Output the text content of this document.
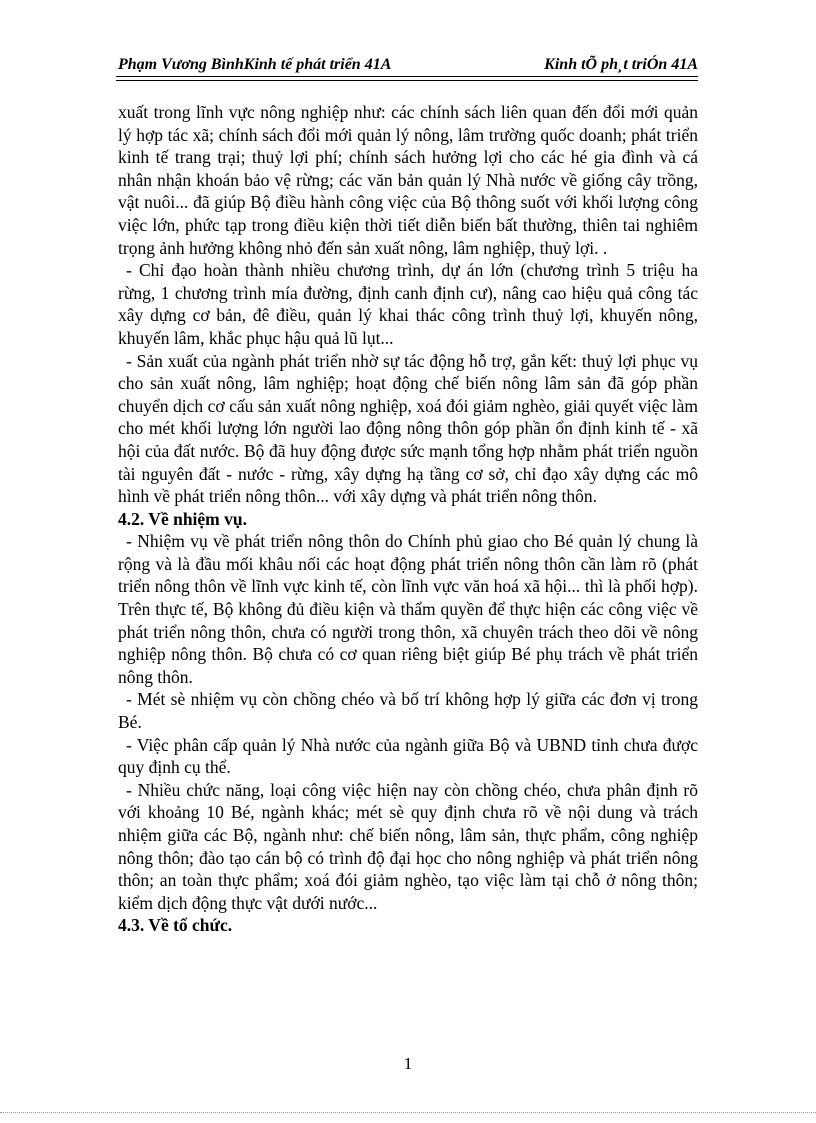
Phạm Vương BìnhKinh tế phát triển 41A	Kinh tÕ ph¸t triÓn 41A

xuất trong lĩnh vực nông nghiệp như: các chính sách liên quan đến đổi mới quản lý hợp tác xã; chính sách đổi mới quản lý nông, lâm trường quốc doanh; phát triển kinh tế trang trại; thuỷ lợi phí; chính sách hưởng lợi cho các hé gia đình và cá nhân nhận khoán bảo vệ rừng; các văn bản quản lý Nhà nước về giống cây trồng, vật nuôi... đã giúp Bộ điều hành công việc của Bộ thông suốt với khối lượng công việc lớn, phức tạp trong điều kiện thời tiết diễn biến bất thường, thiên tai nghiêm trọng ảnh hưởng không nhỏ đến sản xuất nông, lâm nghiệp, thuỷ lợi. .

- Chỉ đạo hoàn thành nhiều chương trình, dự án lớn (chương trình 5 triệu ha rừng, 1 chương trình mía đường, định canh định cư), nâng cao hiệu quả công tác xây dựng cơ bản, đê điều, quản lý khai thác công trình thuỷ lợi, khuyến nông, khuyến lâm, khắc phục hậu quả lũ lụt...

- Sản xuất của ngành phát triển nhờ sự tác động hỗ trợ, gắn kết: thuỷ lợi phục vụ cho sản xuất nông, lâm nghiệp; hoạt động chế biến nông lâm sản đã góp phần chuyển dịch cơ cấu sản xuất nông nghiệp, xoá đói giảm nghèo, giải quyết việc làm cho mét khối lượng lớn người lao động nông thôn góp phần ổn định kinh tế - xã hội của đất nước. Bộ đã huy động được sức mạnh tổng hợp nhằm phát triển nguồn tài nguyên đất - nước - rừng, xây dựng hạ tầng cơ sở, chỉ đạo xây dựng các mô hình về phát triển nông thôn... với xây dựng và phát triển nông thôn.

4.2. Về nhiệm vụ.

- Nhiệm vụ về phát triển nông thôn do Chính phủ giao cho Bé quản lý chung là rộng và là đầu mối khâu nối các hoạt động phát triển nông thôn cần làm rõ (phát triển nông thôn về lĩnh vực kinh tế, còn lĩnh vực văn hoá xã hội... thì là phối hợp). Trên thực tế, Bộ không đủ điều kiện và thẩm quyền để thực hiện các công việc về phát triển nông thôn, chưa có người trong thôn, xã chuyên trách theo dõi về nông nghiệp nông thôn. Bộ chưa có cơ quan riêng biệt giúp Bé phụ trách về phát triển nông thôn.

- Mét sè nhiệm vụ còn chồng chéo và bố trí không hợp lý giữa các đơn vị trong Bé.

- Việc phân cấp quản lý Nhà nước của ngành giữa Bộ và UBND tỉnh chưa được quy định cụ thể.

- Nhiều chức năng, loại công việc hiện nay còn chồng chéo, chưa phân định rõ với khoảng 10 Bé, ngành khác; mét sè quy định chưa rõ về nội dung và trách nhiệm giữa các Bộ, ngành như: chế biến nông, lâm sản, thực phẩm, công nghiệp nông thôn; đào tạo cán bộ có trình độ đại học cho nông nghiệp và phát triển nông thôn; an toàn thực phẩm; xoá đói giảm nghèo, tạo việc làm tại chỗ ở nông thôn; kiểm dịch động thực vật dưới nước...

4.3. Về tổ chức.
1
